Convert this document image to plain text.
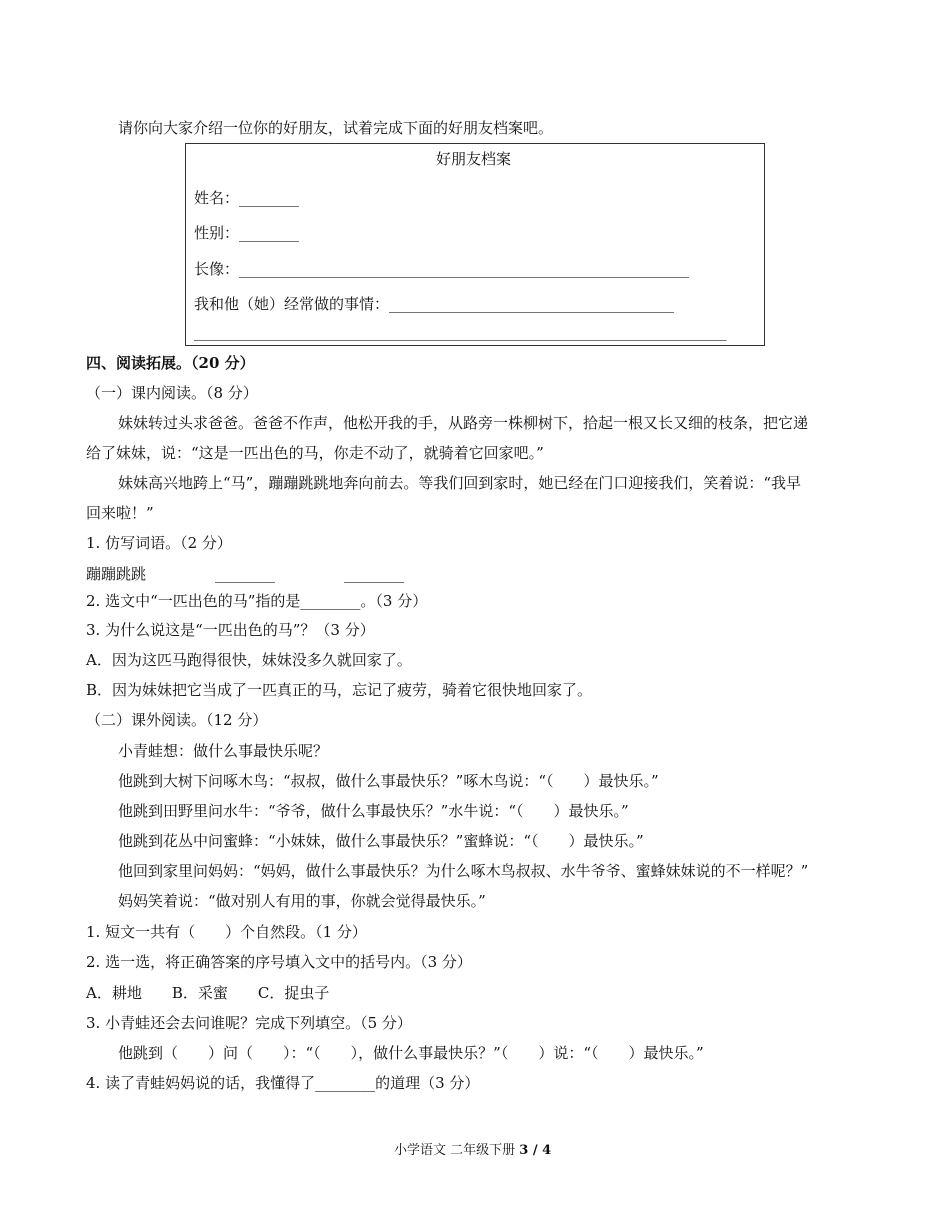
请你向大家介绍一位你的好朋友，试着完成下面的好朋友档案吧。
好朋友档案
姓名：________
性别：________
长像：____________________________________________________________
我和他（她）经常做的事情：______________________________________
_______________________________________________________________________
四、阅读拓展。（20 分）
（一）课内阅读。（8 分）
妹妹转过头求爸爸。爸爸不作声，他松开我的手，从路旁一株柳树下，拾起一根又长又细的枝条，把它递
给了妹妹，说：“这是一匹出色的马，你走不动了，就骑着它回家吧。”
妹妹高兴地跨上“马”，蹦蹦跳跳地奔向前去。等我们回到家时，她已经在门口迎接我们，笑着说：“我早
回来啦！”
1. 仿写词语。（2 分）
蹦蹦跳跳	________	________
2. 选文中“一匹出色的马”指的是________。（3 分）
3. 为什么说这是“一匹出色的马”？（3 分）
A．因为这匹马跑得很快，妹妹没多久就回家了。
B．因为妹妹把它当成了一匹真正的马，忘记了疲劳，骑着它很快地回家了。
（二）课外阅读。（12 分）
小青蛙想：做什么事最快乐呢？
他跳到大树下问啄木鸟：“叔叔，做什么事最快乐？”啄木鸟说：“（　　）最快乐。”
他跳到田野里问水牛：“爷爷，做什么事最快乐？”水牛说：“（　　）最快乐。”
他跳到花丛中问蜜蜂：“小妹妹，做什么事最快乐？”蜜蜂说：“（　　）最快乐。”
他回到家里问妈妈：“妈妈，做什么事最快乐？为什么啄木鸟叔叔、水牛爷爷、蜜蜂妹妹说的不一样呢？”
妈妈笑着说：“做对别人有用的事，你就会觉得最快乐。”
1. 短文一共有（　　）个自然段。（1 分）
2. 选一选，将正确答案的序号填入文中的括号内。（3 分）
A．耕地　　B．采蜜　　C．捉虫子
3. 小青蛙还会去问谁呢？完成下列填空。（5 分）
他跳到（　　）问（　　）：“（　　），做什么事最快乐？”（　　）说：“（　　）最快乐。”
4. 读了青蛙妈妈说的话，我懂得了________的道理（3 分）
小学语文 二年级下册 3 / 4
